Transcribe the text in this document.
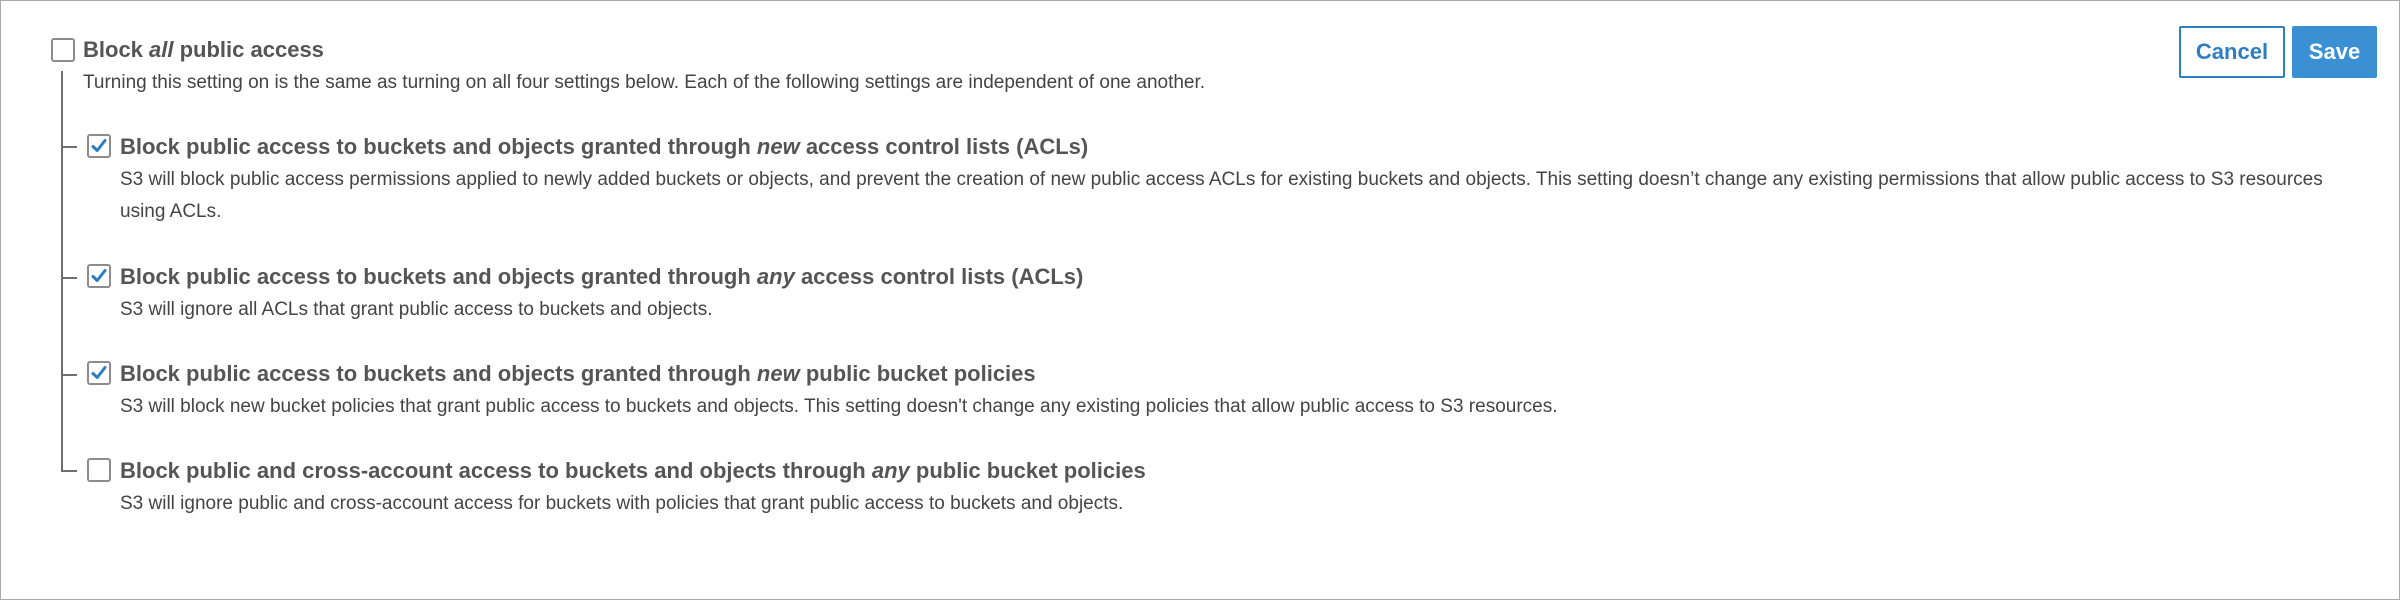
Block all public access
Turning this setting on is the same as turning on all four settings below. Each of the following settings are independent of one another.
Block public access to buckets and objects granted through new access control lists (ACLs)
S3 will block public access permissions applied to newly added buckets or objects, and prevent the creation of new public access ACLs for existing buckets and objects. This setting doesn’t change any existing permissions that allow public access to S3 resources using ACLs.
Block public access to buckets and objects granted through any access control lists (ACLs)
S3 will ignore all ACLs that grant public access to buckets and objects.
Block public access to buckets and objects granted through new public bucket policies
S3 will block new bucket policies that grant public access to buckets and objects. This setting doesn't change any existing policies that allow public access to S3 resources.
Block public and cross-account access to buckets and objects through any public bucket policies
S3 will ignore public and cross-account access for buckets with policies that grant public access to buckets and objects.
Cancel	Save
